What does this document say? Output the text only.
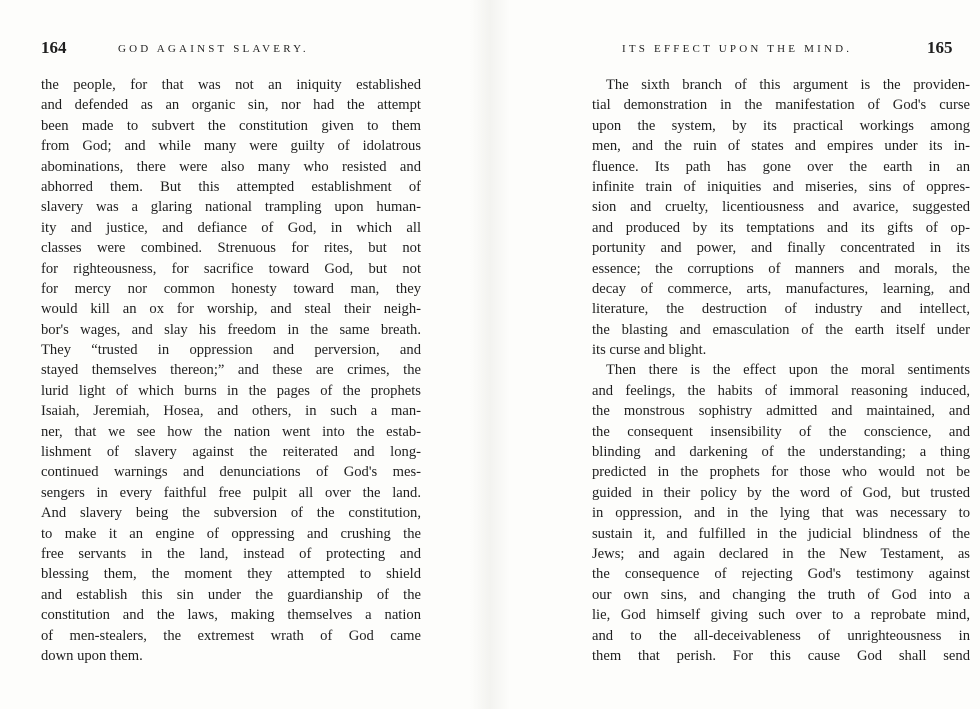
164	GOD AGAINST SLAVERY.
the people, for that was not an iniquity established
and defended as an organic sin, nor had the attempt
been made to subvert the constitution given to them
from God; and while many were guilty of idolatrous
abominations, there were also many who resisted and
abhorred them. But this attempted establishment of
slavery was a glaring national trampling upon human-
ity and justice, and defiance of God, in which all
classes were combined. Strenuous for rites, but not
for righteousness, for sacrifice toward God, but not
for mercy nor common honesty toward man, they
would kill an ox for worship, and steal their neigh-
bor's wages, and slay his freedom in the same breath.
They “trusted in oppression and perversion, and
stayed themselves thereon;” and these are crimes, the
lurid light of which burns in the pages of the prophets
Isaiah, Jeremiah, Hosea, and others, in such a man-
ner, that we see how the nation went into the estab-
lishment of slavery against the reiterated and long-
continued warnings and denunciations of God's mes-
sengers in every faithful free pulpit all over the land.
And slavery being the subversion of the constitution,
to make it an engine of oppressing and crushing the
free servants in the land, instead of protecting and
blessing them, the moment they attempted to shield
and establish this sin under the guardianship of the
constitution and the laws, making themselves a nation
of men-stealers, the extremest wrath of God came
down upon them.
ITS EFFECT UPON THE MIND.	165
The sixth branch of this argument is the providen-
tial demonstration in the manifestation of God's curse
upon the system, by its practical workings among
men, and the ruin of states and empires under its in-
fluence. Its path has gone over the earth in an
infinite train of iniquities and miseries, sins of oppres-
sion and cruelty, licentiousness and avarice, suggested
and produced by its temptations and its gifts of op-
portunity and power, and finally concentrated in its
essence; the corruptions of manners and morals, the
decay of commerce, arts, manufactures, learning, and
literature, the destruction of industry and intellect,
the blasting and emasculation of the earth itself under
its curse and blight.
Then there is the effect upon the moral sentiments
and feelings, the habits of immoral reasoning induced,
the monstrous sophistry admitted and maintained, and
the consequent insensibility of the conscience, and
blinding and darkening of the understanding; a thing
predicted in the prophets for those who would not be
guided in their policy by the word of God, but trusted
in oppression, and in the lying that was necessary to
sustain it, and fulfilled in the judicial blindness of the
Jews; and again declared in the New Testament, as
the consequence of rejecting God's testimony against
our own sins, and changing the truth of God into a
lie, God himself giving such over to a reprobate mind,
and to the all-deceivableness of unrighteousness in
them that perish. For this cause God shall send
